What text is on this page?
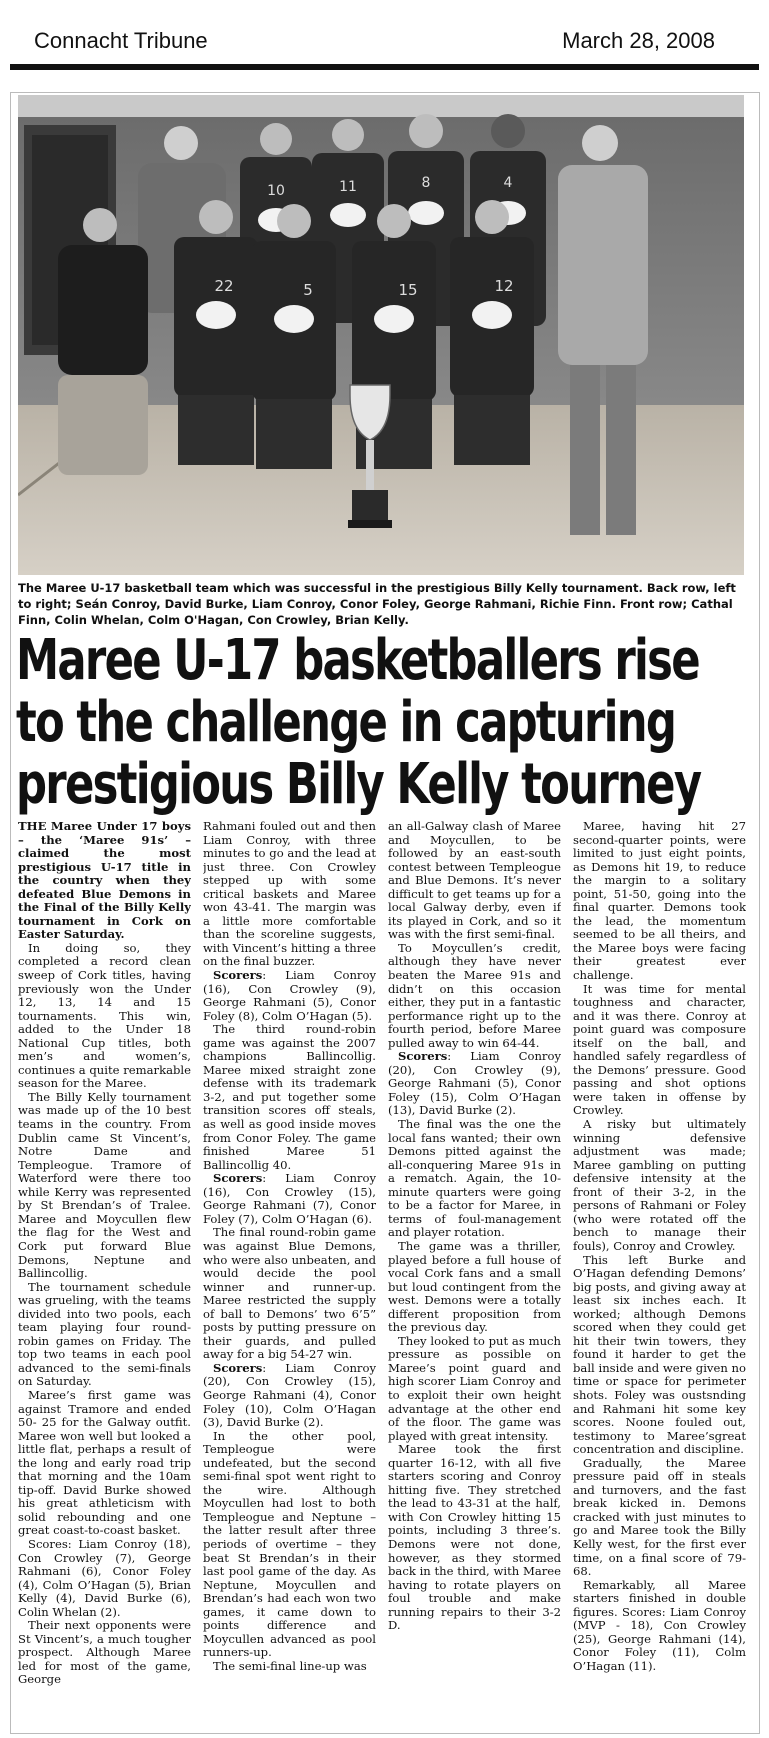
Connacht Tribune	March 28, 2008
10	11	8	4
22	5	15	12
The Maree U-17 basketball team which was successful in the prestigious Billy Kelly tournament. Back row, left to right; Seán Conroy, David Burke, Liam Conroy, Conor Foley, George Rahmani, Richie Finn. Front row; Cathal Finn, Colin Whelan, Colm O'Hagan, Con Crowley, Brian Kelly.
Maree U-17 basketballers rise
to the challenge in capturing
prestigious Billy Kelly tourney

THE Maree Under 17 boys – the ‘Maree 91s’ – claimed the most prestigious U-17 title in the country when they defeated Blue Demons in the Final of the Billy Kelly tournament in Cork on Easter Saturday.

In doing so, they completed a record clean sweep of Cork titles, having previously won the Under 12, 13, 14 and 15 tournaments. This win, added to the Under 18 National Cup titles, both men’s and women’s, continues a quite remarkable season for the Maree.

The Billy Kelly tournament was made up of the 10 best teams in the country. From Dublin came St Vincent’s, Notre Dame and Templeogue. Tramore of Waterford were there too while Kerry was represented by St Brendan’s of Tralee. Maree and Moycullen flew the flag for the West and Cork put forward Blue Demons, Neptune and Ballincollig.

The tournament schedule was grueling, with the teams divided into two pools, each team playing four round-robin games on Friday. The top two teams in each pool advanced to the semi-finals on Saturday.

Maree’s first game was against Tramore and ended 50- 25 for the Galway outfit. Maree won well but looked a little flat, perhaps a result of the long and early road trip that morning and the 10am tip-off. David Burke showed his great athleticism with solid rebounding and one great coast-to-coast basket.

Scores: Liam Conroy (18), Con Crowley (7), George Rahmani (6), Conor Foley (4), Colm O’Hagan (5), Brian Kelly (4), David Burke (6), Colin Whelan (2).

Their next opponents were St Vincent’s, a much tougher prospect. Although Maree led for most of the game, George

Rahmani fouled out and then Liam Conroy, with three minutes to go and the lead at just three. Con Crowley stepped up with some critical baskets and Maree won 43-41. The margin was a little more comfortable than the scoreline suggests, with Vincent’s hitting a three on the final buzzer.

Scorers: Liam Conroy (16), Con Crowley (9), George Rahmani (5), Conor Foley (8), Colm O’Hagan (5).

The third round-robin game was against the 2007 champions Ballincollig. Maree mixed straight zone defense with its trademark 3-2, and put together some transition scores off steals, as well as good inside moves from Conor Foley. The game finished Maree 51 Ballincollig 40.

Scorers: Liam Conroy (16), Con Crowley (15), George Rahmani (7), Conor Foley (7), Colm O’Hagan (6).

The final round-robin game was against Blue Demons, who were also unbeaten, and would decide the pool winner and runner-up. Maree restricted the supply of ball to Demons’ two 6’5” posts by putting pressure on their guards, and pulled away for a big 54-27 win.

Scorers: Liam Conroy (20), Con Crowley (15), George Rahmani (4), Conor Foley (10), Colm O’Hagan (3), David Burke (2).

In the other pool, Templeogue were undefeated, but the second semi-final spot went right to the wire. Although Moycullen had lost to both Templeogue and Neptune – the latter result after three periods of overtime – they beat St Brendan’s in their last pool game of the day. As Neptune, Moycullen and Brendan’s had each won two games, it came down to points difference and Moycullen advanced as pool runners-up.

The semi-final line-up was

an all-Galway clash of Maree and Moycullen, to be followed by an east-south contest between Templeogue and Blue Demons. It’s never difficult to get teams up for a local Galway derby, even if its played in Cork, and so it was with the first semi-final.

To Moycullen’s credit, although they have never beaten the Maree 91s and didn’t on this occasion either, they put in a fantastic performance right up to the fourth period, before Maree pulled away to win 64-44.

Scorers: Liam Conroy (20), Con Crowley (9), George Rahmani (5), Conor Foley (15), Colm O’Hagan (13), David Burke (2).

The final was the one the local fans wanted; their own Demons pitted against the all-conquering Maree 91s in a rematch. Again, the 10-minute quarters were going to be a factor for Maree, in terms of foul-management and player rotation.

The game was a thriller, played before a full house of vocal Cork fans and a small but loud contingent from the west. Demons were a totally different proposition from the previous day.

They looked to put as much pressure as possible on Maree’s point guard and high scorer Liam Conroy and to exploit their own height advantage at the other end of the floor. The game was played with great intensity.

Maree took the first quarter 16-12, with all five starters scoring and Conroy hitting five. They stretched the lead to 43-31 at the half, with Con Crowley hitting 15 points, including 3 three’s. Demons were not done, however, as they stormed back in the third, with Maree having to rotate players on foul trouble and make running repairs to their 3-2 D.

Maree, having hit 27 second-quarter points, were limited to just eight points, as Demons hit 19, to reduce the margin to a solitary point, 51-50, going into the final quarter. Demons took the lead, the momentum seemed to be all theirs, and the Maree boys were facing their greatest ever challenge.

It was time for mental toughness and character, and it was there. Conroy at point guard was composure itself on the ball, and handled safely regardless of the Demons’ pressure. Good passing and shot options were taken in offense by Crowley.

A risky but ultimately winning defensive adjustment was made; Maree gambling on putting defensive intensity at the front of their 3-2, in the persons of Rahmani or Foley (who were rotated off the bench to manage their fouls), Conroy and Crowley.

This left Burke and O’Hagan defending Demons’ big posts, and giving away at least six inches each. It worked; although Demons scored when they could get hit their twin towers, they found it harder to get the ball inside and were given no time or space for perimeter shots. Foley was oustsnding and Rahmani hit some key scores. Noone fouled out, testimony to Maree’sgreat concentration and discipline.

Gradually, the Maree pressure paid off in steals and turnovers, and the fast break kicked in. Demons cracked with just minutes to go and Maree took the Billy Kelly west, for the first ever time, on a final score of 79-68.

Remarkably, all Maree starters finished in double figures. Scores: Liam Conroy (MVP - 18), Con Crowley (25), George Rahmani (14), Conor Foley (11), Colm O’Hagan (11).
